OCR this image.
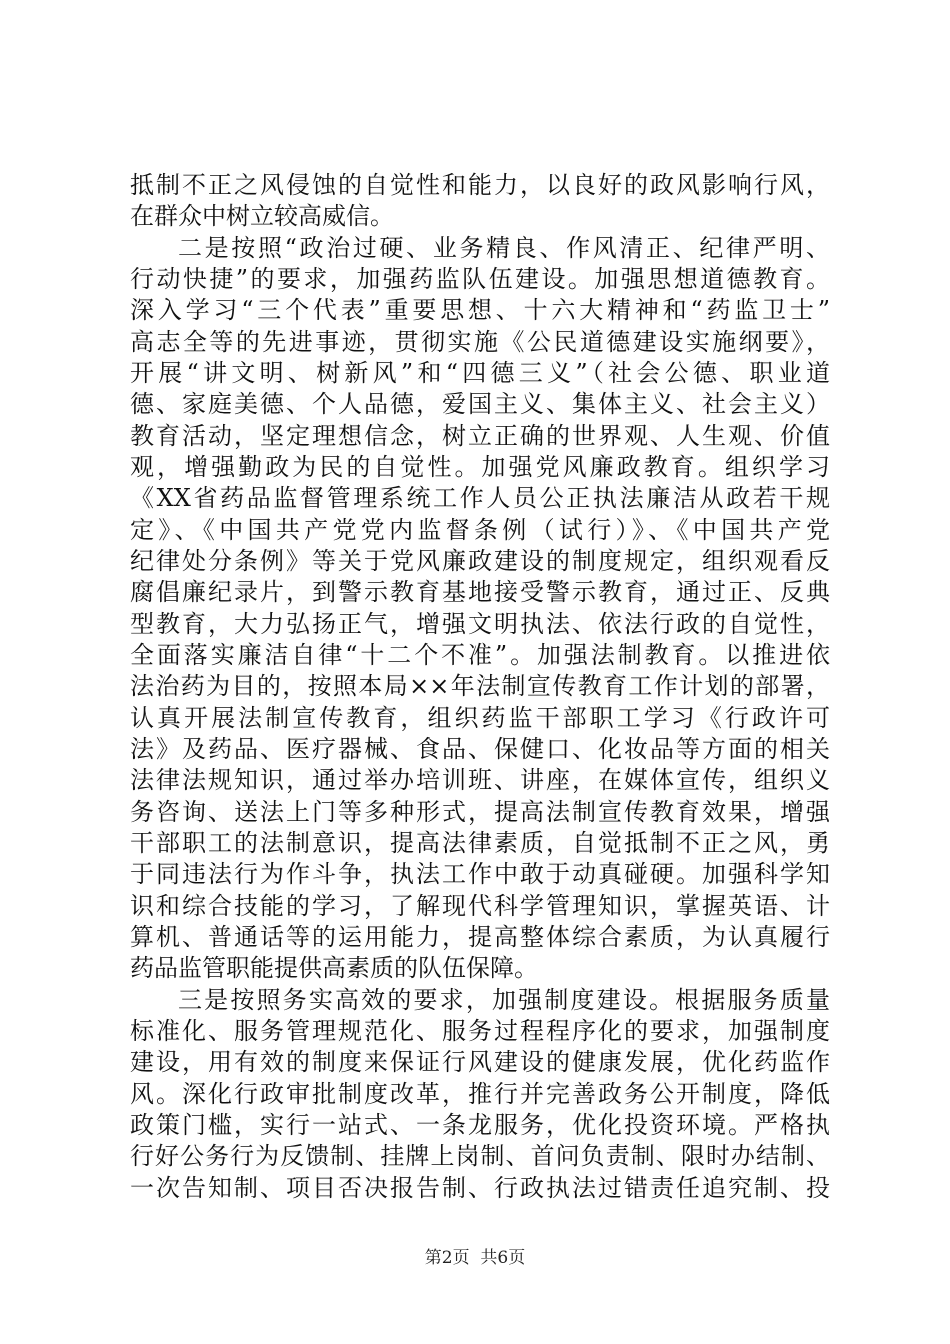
抵制不正之风侵蚀的自觉性和能力，以良好的政风影响行风，
在群众中树立较高威信。
二是按照“政治过硬、业务精良、作风清正、纪律严明、
行动快捷”的要求，加强药监队伍建设。加强思想道德教育。
深入学习“三个代表”重要思想、十六大精神和“药监卫士”
高志全等的先进事迹，贯彻实施《公民道德建设实施纲要》，
开展“讲文明、树新风”和“四德三义”（社会公德、职业道
德、家庭美德、个人品德，爱国主义、集体主义、社会主义）
教育活动，坚定理想信念，树立正确的世界观、人生观、价值
观，增强勤政为民的自觉性。加强党风廉政教育。组织学习
《XX省药品监督管理系统工作人员公正执法廉洁从政若干规
定》、《中国共产党党内监督条例（试行）》、《中国共产党
纪律处分条例》等关于党风廉政建设的制度规定，组织观看反
腐倡廉纪录片，到警示教育基地接受警示教育，通过正、反典
型教育，大力弘扬正气，增强文明执法、依法行政的自觉性，
全面落实廉洁自律“十二个不准”。加强法制教育。以推进依
法治药为目的，按照本局××年法制宣传教育工作计划的部署，
认真开展法制宣传教育，组织药监干部职工学习《行政许可
法》及药品、医疗器械、食品、保健口、化妆品等方面的相关
法律法规知识，通过举办培训班、讲座，在媒体宣传，组织义
务咨询、送法上门等多种形式，提高法制宣传教育效果，增强
干部职工的法制意识，提高法律素质，自觉抵制不正之风，勇
于同违法行为作斗争，执法工作中敢于动真碰硬。加强科学知
识和综合技能的学习，了解现代科学管理知识，掌握英语、计
算机、普通话等的运用能力，提高整体综合素质，为认真履行
药品监管职能提供高素质的队伍保障。
三是按照务实高效的要求，加强制度建设。根据服务质量
标准化、服务管理规范化、服务过程程序化的要求，加强制度
建设，用有效的制度来保证行风建设的健康发展，优化药监作
风。深化行政审批制度改革，推行并完善政务公开制度，降低
政策门槛，实行一站式、一条龙服务，优化投资环境。严格执
行好公务行为反馈制、挂牌上岗制、首问负责制、限时办结制、
一次告知制、项目否决报告制、行政执法过错责任追究制、投
第2页  共6页
